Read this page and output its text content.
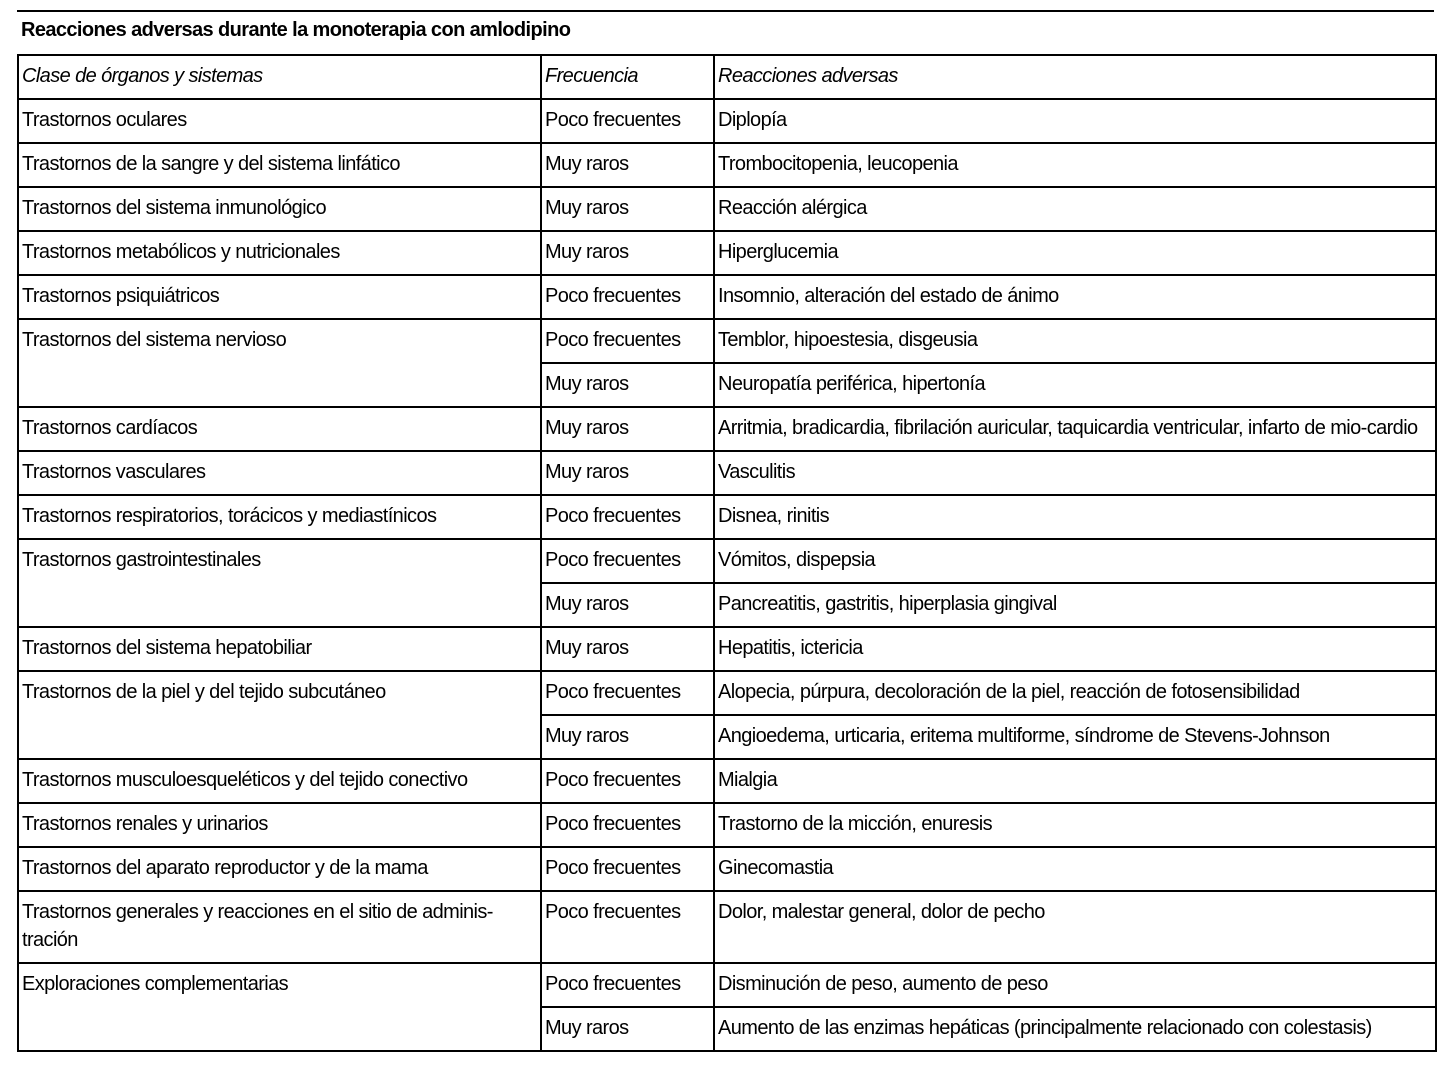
Reacciones adversas durante la monoterapia con amlodipino
Clase de órganos y sistemas	Frecuencia	Reacciones adversas
Trastornos oculares	Poco frecuentes	Diplopía
Trastornos de la sangre y del sistema linfático	Muy raros	Trombocitopenia, leucopenia
Trastornos del sistema inmunológico	Muy raros	Reacción alérgica
Trastornos metabólicos y nutricionales	Muy raros	Hiperglucemia
Trastornos psiquiátricos	Poco frecuentes	Insomnio, alteración del estado de ánimo
Trastornos del sistema nervioso	Poco frecuentes	Temblor, hipoestesia, disgeusia
	Muy raros	Neuropatía periférica, hipertonía
Trastornos cardíacos	Muy raros	Arritmia, bradicardia, fibrilación auricular, taquicardia ventricular, infarto de mio-cardio
Trastornos vasculares	Muy raros	Vasculitis
Trastornos respiratorios, torácicos y mediastínicos	Poco frecuentes	Disnea, rinitis
Trastornos gastrointestinales	Poco frecuentes	Vómitos, dispepsia
	Muy raros	Pancreatitis, gastritis, hiperplasia gingival
Trastornos del sistema hepatobiliar	Muy raros	Hepatitis, ictericia
Trastornos de la piel y del tejido subcutáneo	Poco frecuentes	Alopecia, púrpura, decoloración de la piel, reacción de fotosensibilidad
	Muy raros	Angioedema, urticaria, eritema multiforme, síndrome de Stevens-Johnson
Trastornos musculoesqueléticos y del tejido conectivo	Poco frecuentes	Mialgia
Trastornos renales y urinarios	Poco frecuentes	Trastorno de la micción, enuresis
Trastornos del aparato reproductor y de la mama	Poco frecuentes	Ginecomastia
Trastornos generales y reacciones en el sitio de adminis-tración	Poco frecuentes	Dolor, malestar general, dolor de pecho
Exploraciones complementarias	Poco frecuentes	Disminución de peso, aumento de peso
	Muy raros	Aumento de las enzimas hepáticas (principalmente relacionado con colestasis)
